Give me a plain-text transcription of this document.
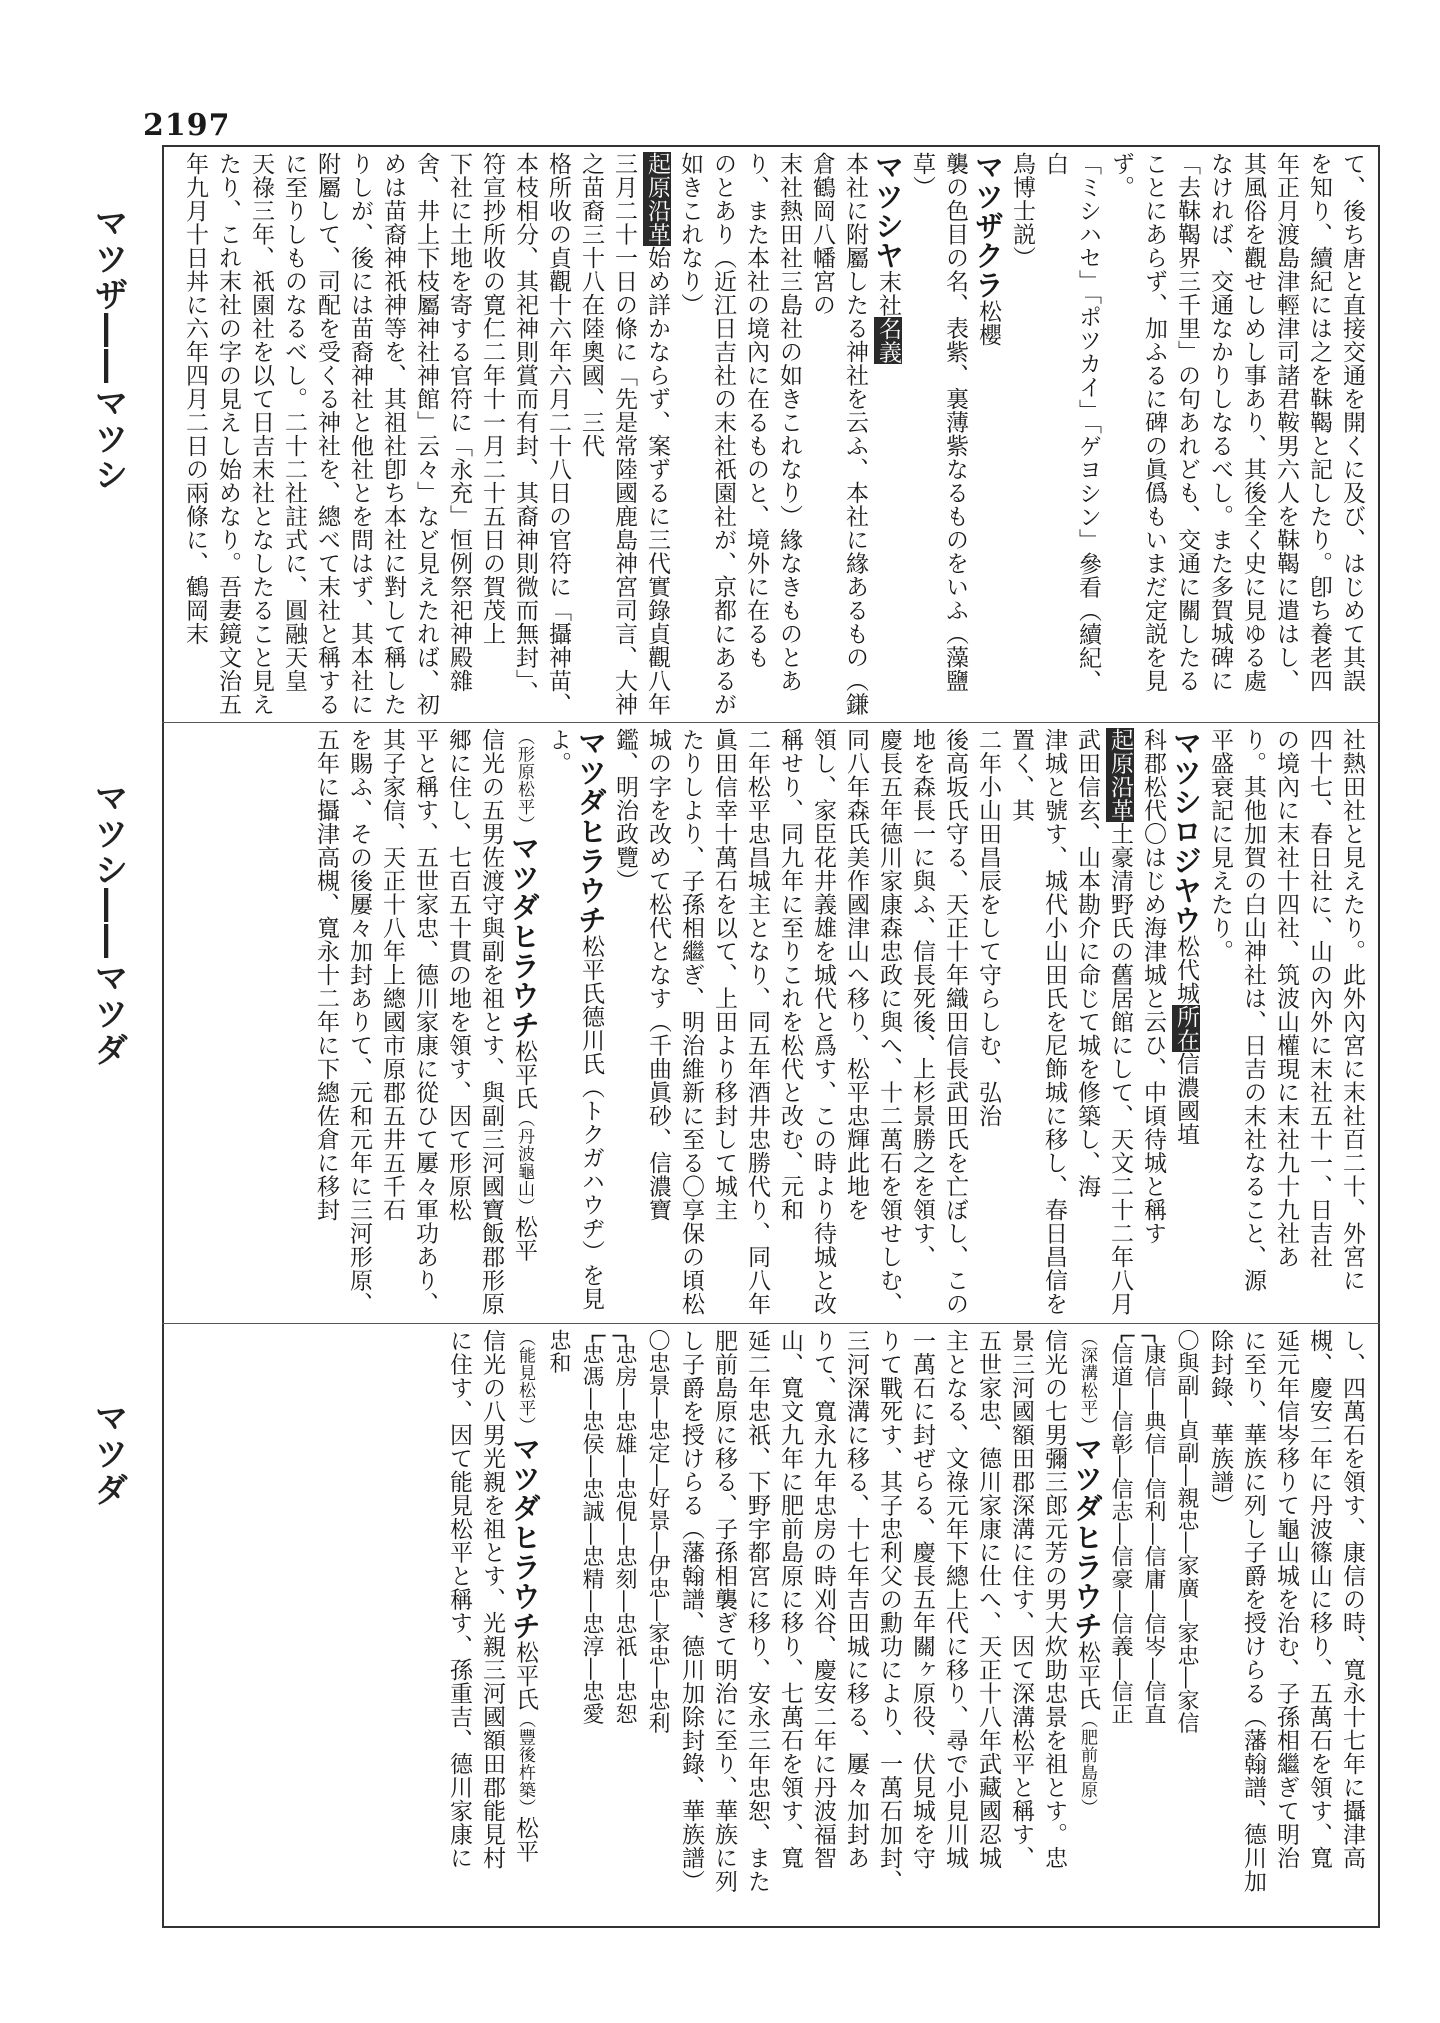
2197
マツザ――マツシ
マツシ――マツダ
マツダ

て、後ち唐と直接交通を開くに及び、はじめて其誤

を知り、續紀には之を靺鞨と記したり。卽ち養老四

年正月渡島津輕津司諸君鞍男六人を靺鞨に遣はし、

其風俗を觀せしめし事あり、其後全く史に見ゆる處

なければ、交通なかりしなるべし。また多賀城碑に

「去靺鞨界三千里」の句あれども、交通に關したる

ことにあらず、加ふるに碑の眞僞もいまだ定説を見ず。

「ミシハセ」「ポツカイ」「ゲヨシン」參看（續紀、白

鳥博士説）

マツザクラ松櫻

襲の色目の名、表紫、裏薄紫なるものをいふ（藻鹽草）

マツシヤ末社名義

本社に附屬したる神社を云ふ、本社に緣あるもの（鎌倉鶴岡八幡宮の

末社熱田社三島社の如きこれなり）緣なきものとあり、また本社の境內に在るものと、境外に在るも

のとあり（近江日吉社の末社祇園社が、京都にあるが如きこれなり）

起原沿革始め詳かならず、案ずるに三代實錄貞觀八年三月二十一日の條に「先是常陸國鹿島神宮司言、大神之苗裔三十八在陸奧國、三代

格所收の貞觀十六年六月二十八日の官符に「攝神苗、本枝相分、其祀神則賞而有封、其裔神則微而無封」、符宣抄所收の寛仁二年十一月二十五日の賀茂上

下社に土地を寄する官符に「永充」恒例祭祀神殿雜舍、井上下枝屬神社神館」云々」など見えたれば、初めは苗裔神祇神等を、其祖社卽ち本社に對して稱した

りしが、後には苗裔神社と他社とを問はず、其本社に附屬して、司配を受くる神社を、總べて末社と稱するに至りしものなるべし。二十二社註式に、圓融天皇

天祿三年、祇園社を以て日吉末社となしたること見えたり、これ末社の字の見えし始めなり。吾妻鏡文治五年九月十日丼に六年四月二日の兩條に、鶴岡末

社熱田社と見えたり。此外內宮に末社百二十、外宮に

四十七、春日社に、山の內外に末社五十一、日吉社

の境內に末社十四社、筑波山權現に末社九十九社あ

り。其他加賀の白山神社は、日吉の末社なること、源

平盛衰記に見えたり。

マツシロジヤウ松代城所在信濃國埴

科郡松代〇はじめ海津城と云ひ、中頃待城と稱す

起原沿革土豪清野氏の舊居館にして、天文二十二年八月武田信玄、山本勘介に命じて城を修築し、海

津城と號す、城代小山田氏を尼飾城に移し、春日昌信を置く、其

二年小山田昌辰をして守らしむ、弘治

後高坂氏守る、天正十年織田信長武田氏を亡ぼし、この地を森長一に與ふ、信長死後、上杉景勝之を領す、

慶長五年德川家康森忠政に與へ、十二萬石を領せしむ、同八年森氏美作國津山へ移り、松平忠輝此地を

領し、家臣花井義雄を城代と爲す、この時より待城と改稱せり、同九年に至りこれを松代と改む、元和

二年松平忠昌城主となり、同五年酒井忠勝代り、同八年眞田信幸十萬石を以て、上田より移封して城主

たりしより、子孫相繼ぎ、明治維新に至る〇享保の頃松城の字を改めて松代となす（千曲眞砂、信濃寶

鑑、明治政覽）

マツダヒラウチ松平氏德川氏（トクガハウヂ）を見よ。

（形原松平）マツダヒラウチ松平氏（丹波龜山）松平

信光の五男佐渡守與副を祖とす、與副三河國寶飯郡形原郷に住し、七百五十貫の地を領す、因て形原松

平と稱す、五世家忠、德川家康に從ひて屢々軍功あり、其子家信、天正十八年上總國市原郡五井五千石

を賜ふ、その後屢々加封ありて、元和元年に三河形原、五年に攝津高槻、寬永十二年に下總佐倉に移封

し、四萬石を領す、康信の時、寬永十七年に攝津高

槻、慶安二年に丹波篠山に移り、五萬石を領す、寬

延元年信岑移りて龜山城を治む、子孫相繼ぎて明治

に至り、華族に列し子爵を授けらる（藩翰譜、德川加

除封錄、華族譜）

〇與副―貞副―親忠―家廣―家忠―家信

┌康信―典信―信利―信庸―信岑―信直

└信道―信彰―信志―信豪―信義―信正

（深溝松平）マツダヒラウチ松平氏（肥前島原）

信光の七男彌三郎元芳の男大炊助忠景を祖とす。忠

景三河國額田郡深溝に住す、因て深溝松平と稱す、

五世家忠、德川家康に仕へ、天正十八年武藏國忍城

主となる、文祿元年下總上代に移り、尋で小見川城

一萬石に封ぜらる、慶長五年關ヶ原役、伏見城を守

りて戰死す、其子忠利父の勳功により、一萬石加封、

三河深溝に移る、十七年吉田城に移る、屢々加封あ

りて、寬永九年忠房の時刈谷、慶安二年に丹波福智

山、寬文九年に肥前島原に移り、七萬石を領す、寬

延二年忠祇、下野宇都宮に移り、安永三年忠恕、また

肥前島原に移る、子孫相襲ぎて明治に至り、華族に列

し子爵を授けらる（藩翰譜、德川加除封錄、華族譜）

〇忠景―忠定―好景―伊忠―家忠―忠利

┌忠房―忠雄―忠俔―忠刻―忠祇―忠恕

└忠馮―忠侯―忠誠―忠精―忠淳―忠愛

忠和

（能見松平）マツダヒラウチ松平氏（豐後杵築）松平

信光の八男光親を祖とす、光親三河國額田郡能見村

に住す、因て能見松平と稱す、孫重吉、德川家康に
